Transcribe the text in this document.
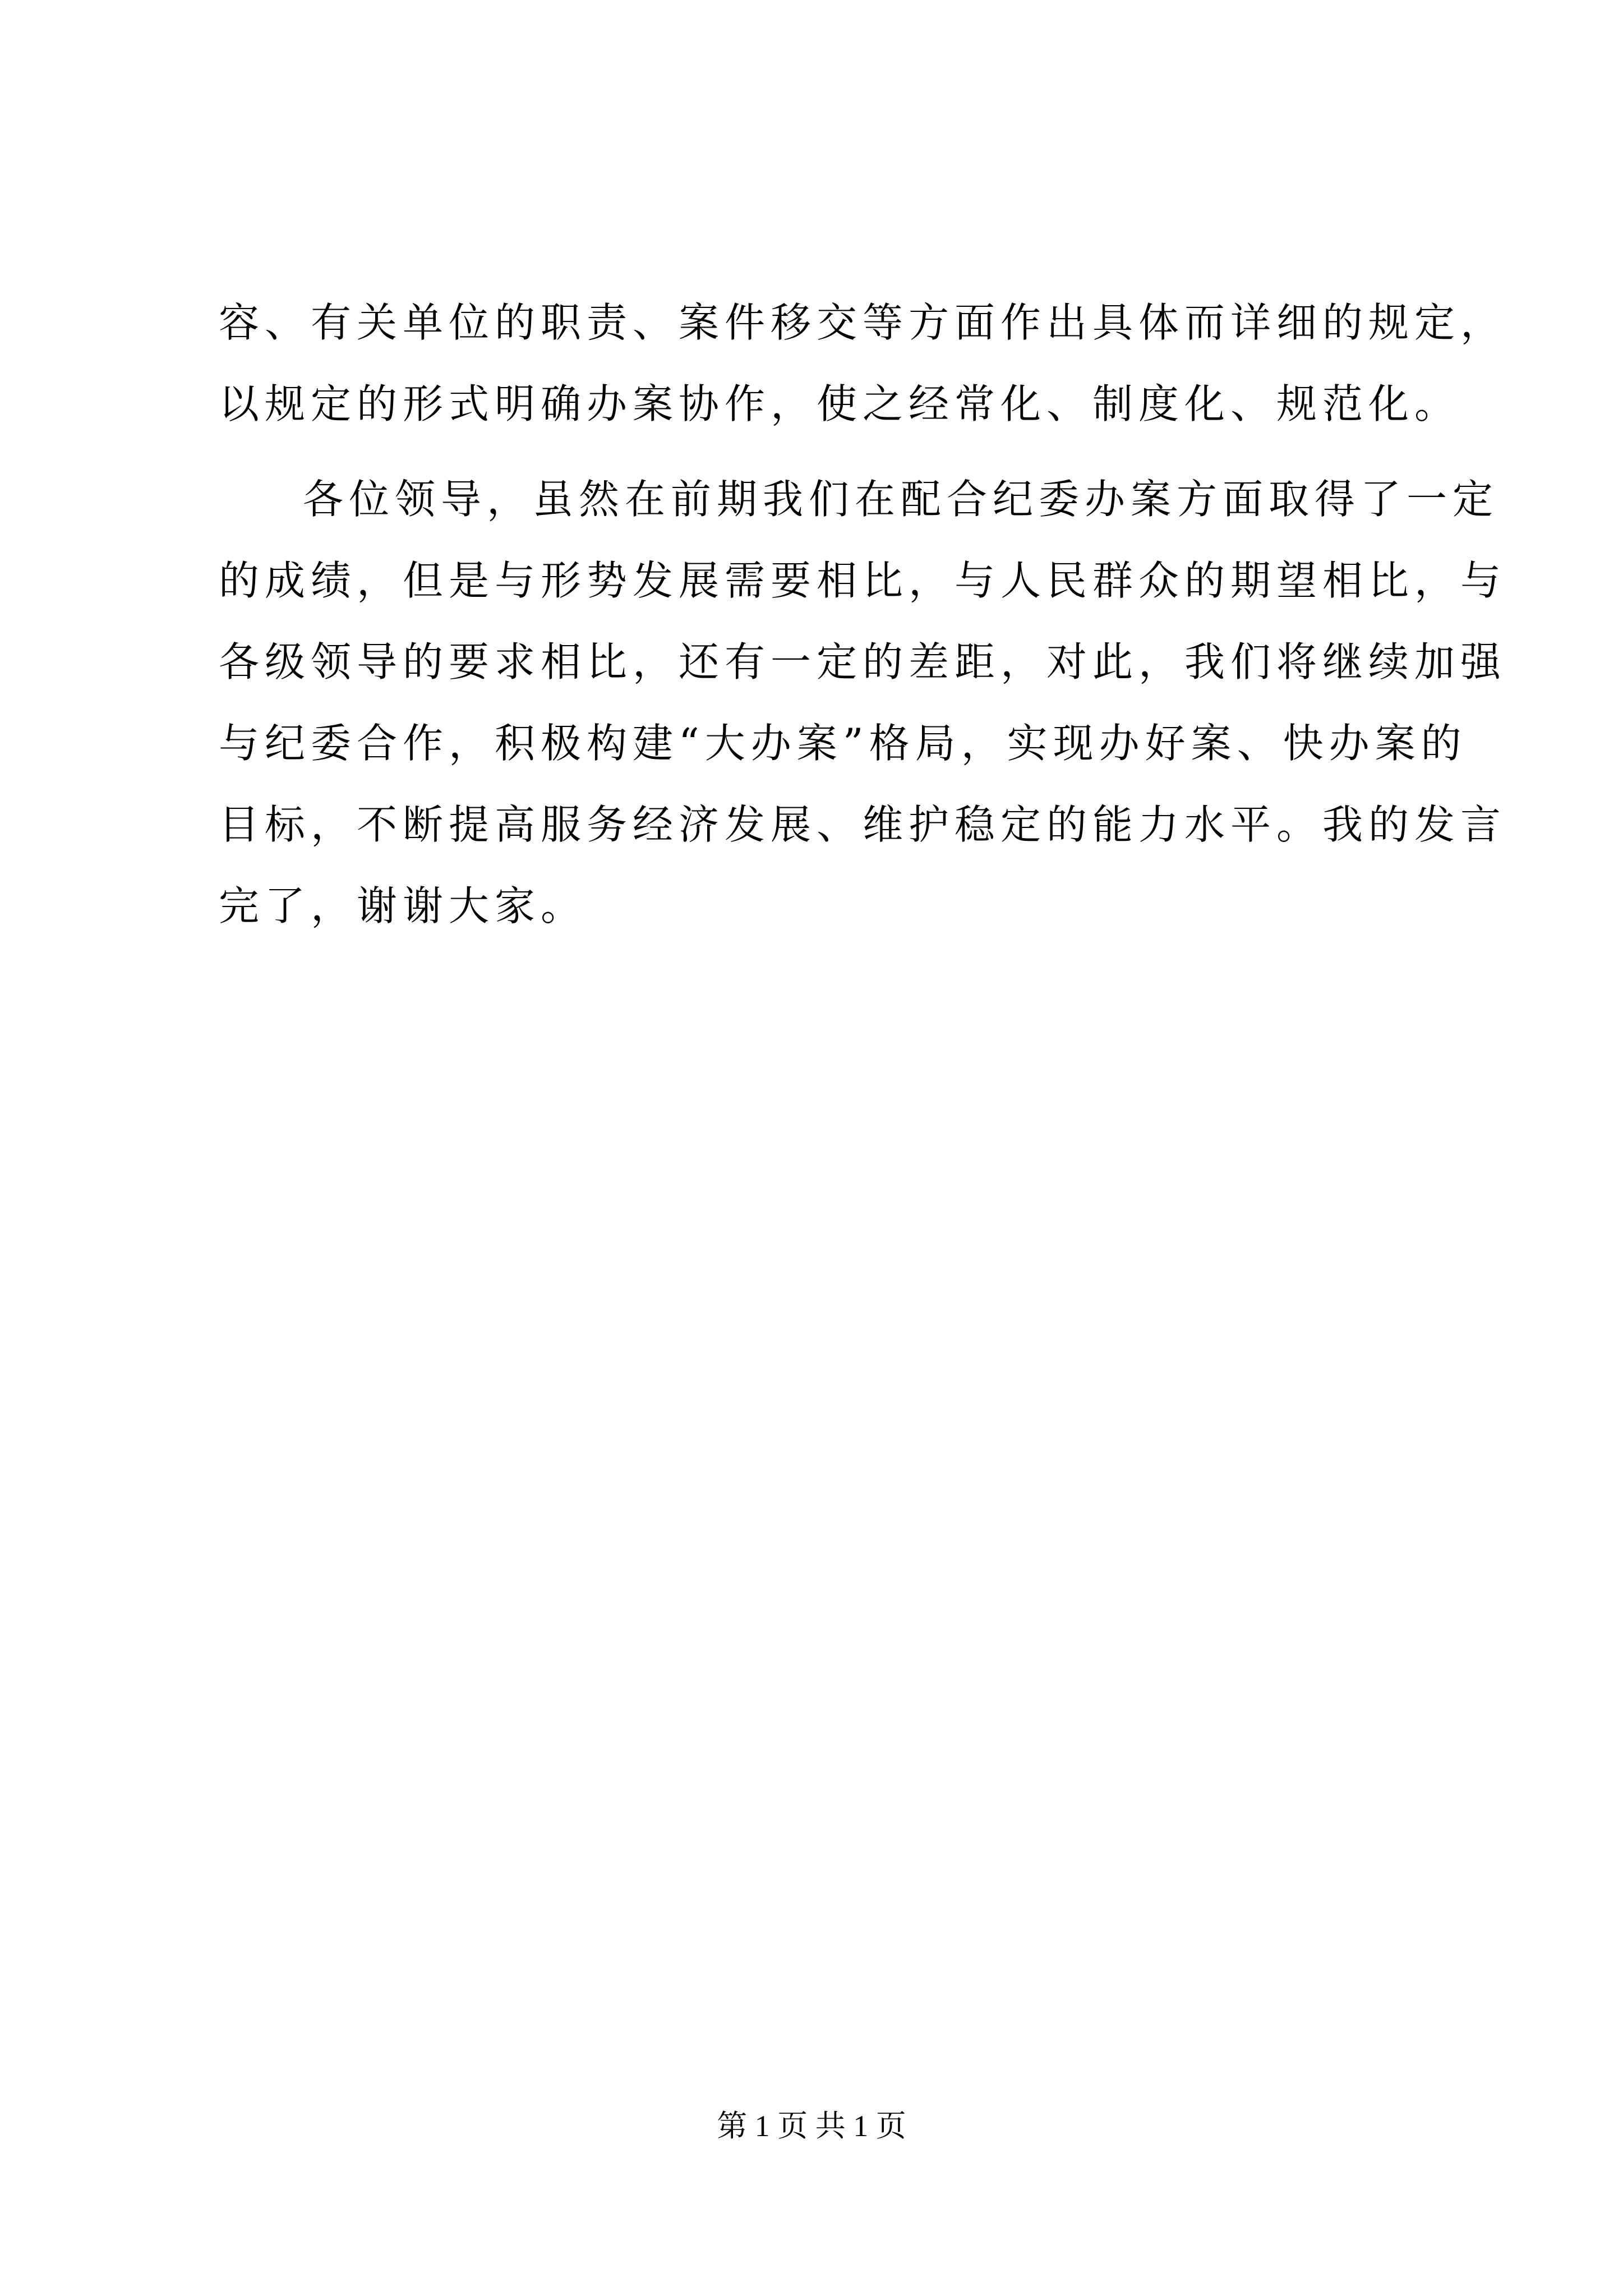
容、有关单位的职责、案件移交等方面作出具体而详细的规定，
以规定的形式明确办案协作，使之经常化、制度化、规范化。
各位领导，虽然在前期我们在配合纪委办案方面取得了一定
的成绩，但是与形势发展需要相比，与人民群众的期望相比，与
各级领导的要求相比，还有一定的差距，对此，我们将继续加强
与纪委合作，积极构建“大办案”格局，实现办好案、快办案的
目标，不断提高服务经济发展、维护稳定的能力水平。我的发言
完了，谢谢大家。
第 1 页 共 1 页
